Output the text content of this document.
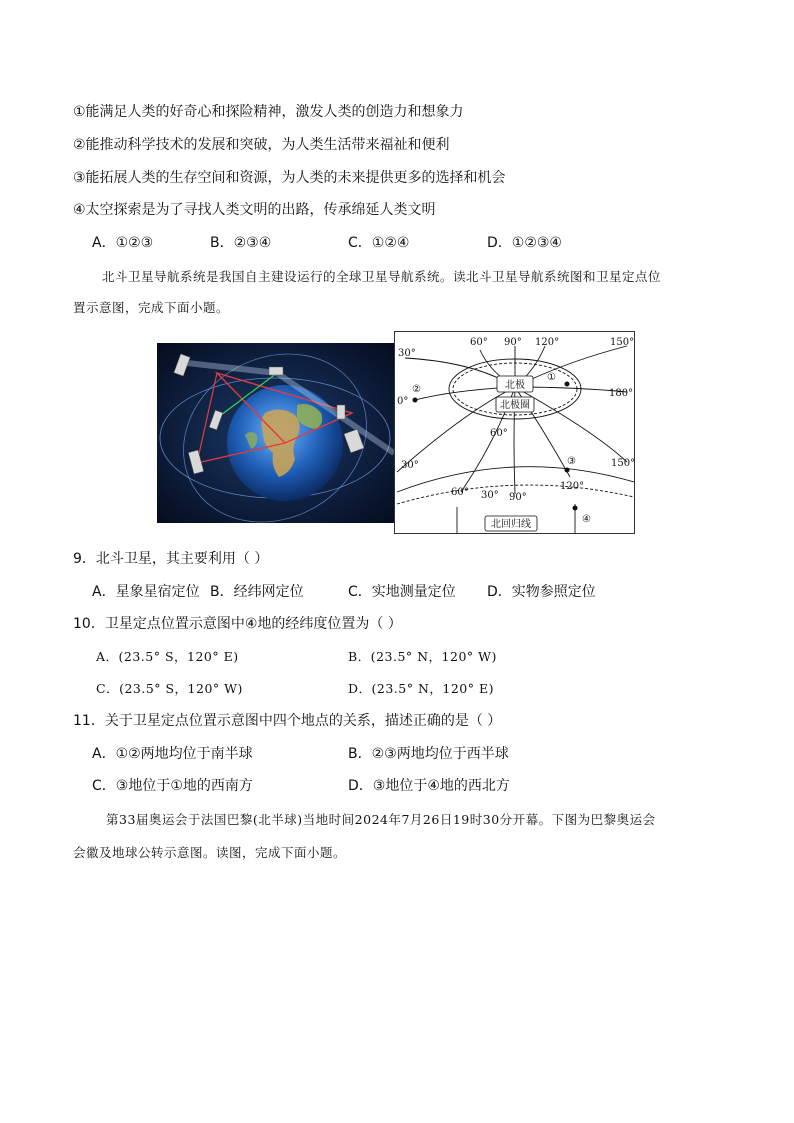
①能满足人类的好奇心和探险精神，激发人类的创造力和想象力
②能推动科学技术的发展和突破，为人类生活带来福祉和便利
③能拓展人类的生存空间和资源，为人类的未来提供更多的选择和机会
④太空探索是为了寻找人类文明的出路，传承绵延人类文明
A．①②③	B．②③④	C．①②④	D．①②③④
北斗卫星导航系统是我国自主建设运行的全球卫星导航系统。读北斗卫星导航系统图和卫星定点位
置示意图，完成下面小题。
北极
北极圈
60° 90° 120°	150°
30°
0°
180°
60°
30°
60° 30° 90°
120°
150°
①
②
③
④
北回归线
9．北斗卫星，其主要利用（ ）
A．星象星宿定位 B．经纬网定位	C．实地测量定位 D．实物参照定位
10．卫星定点位置示意图中④地的经纬度位置为（ ）
A．(23.5° S，120° E)	B．(23.5° N，120° W)
C．(23.5° S，120° W)	D．(23.5° N，120° E)
11．关于卫星定点位置示意图中四个地点的关系，描述正确的是（ ）
A．①②两地均位于南半球	B．②③两地均位于西半球
C．③地位于①地的西南方	D．③地位于④地的西北方
第33届奥运会于法国巴黎(北半球)当地时间2024年7月26日19时30分开幕。下图为巴黎奥运会
会徽及地球公转示意图。读图，完成下面小题。
